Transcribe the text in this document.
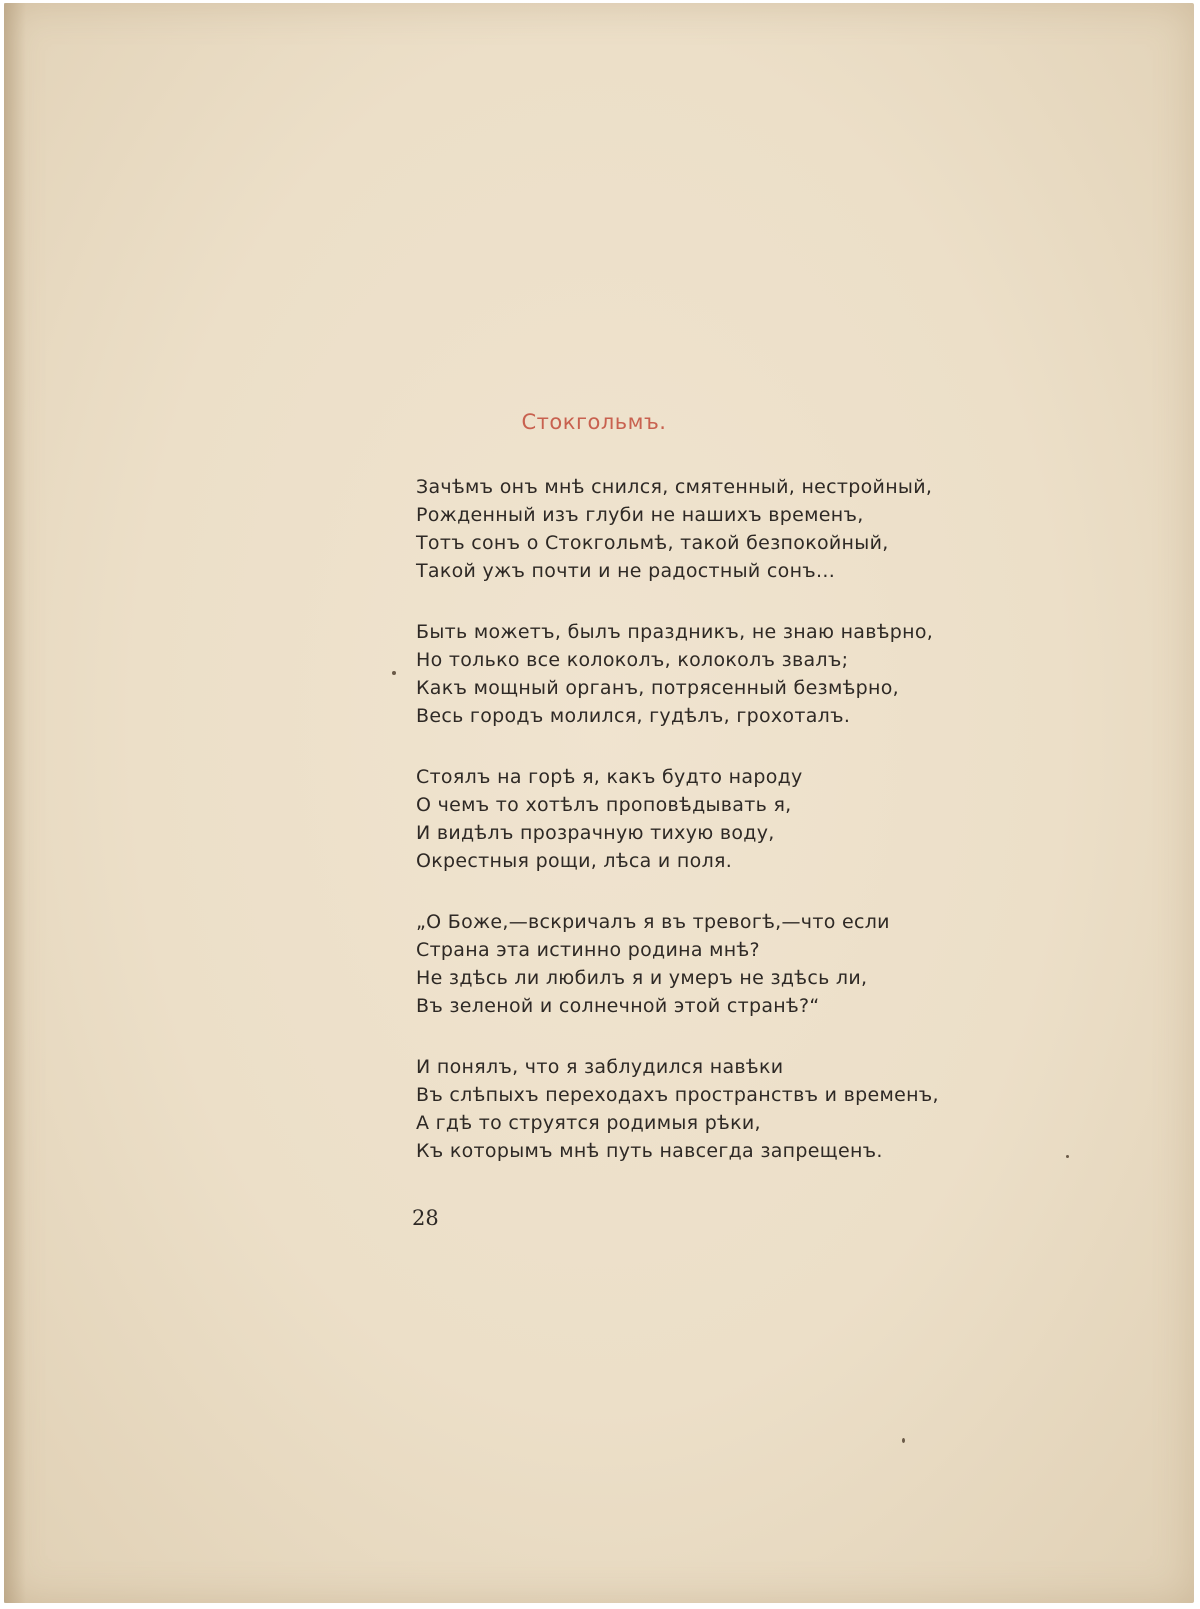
Стокгольмъ.
Зачѣмъ онъ мнѣ снился, смятенный, нестройный,
Рожденный изъ глуби не нашихъ временъ,
Тотъ сонъ о Стокгольмѣ, такой безпокойный,
Такой ужъ почти и не радостный сонъ...
Быть можетъ, былъ праздникъ, не знаю навѣрно,
Но только все колоколъ, колоколъ звалъ;
Какъ мощный органъ, потрясенный безмѣрно,
Весь городъ молился, гудѣлъ, грохоталъ.
Стоялъ на горѣ я, какъ будто народу
О чемъ то хотѣлъ проповѣдывать я,
И видѣлъ прозрачную тихую воду,
Окрестныя рощи, лѣса и поля.
„О Боже,—вскричалъ я въ тревогѣ,—что если
Страна эта истинно родина мнѣ?
Не здѣсь ли любилъ я и умеръ не здѣсь ли,
Въ зеленой и солнечной этой странѣ?“
И понялъ, что я заблудился навѣки
Въ слѣпыхъ переходахъ пространствъ и временъ,
А гдѣ то струятся родимыя рѣки,
Къ которымъ мнѣ путь навсегда запрещенъ.
28
